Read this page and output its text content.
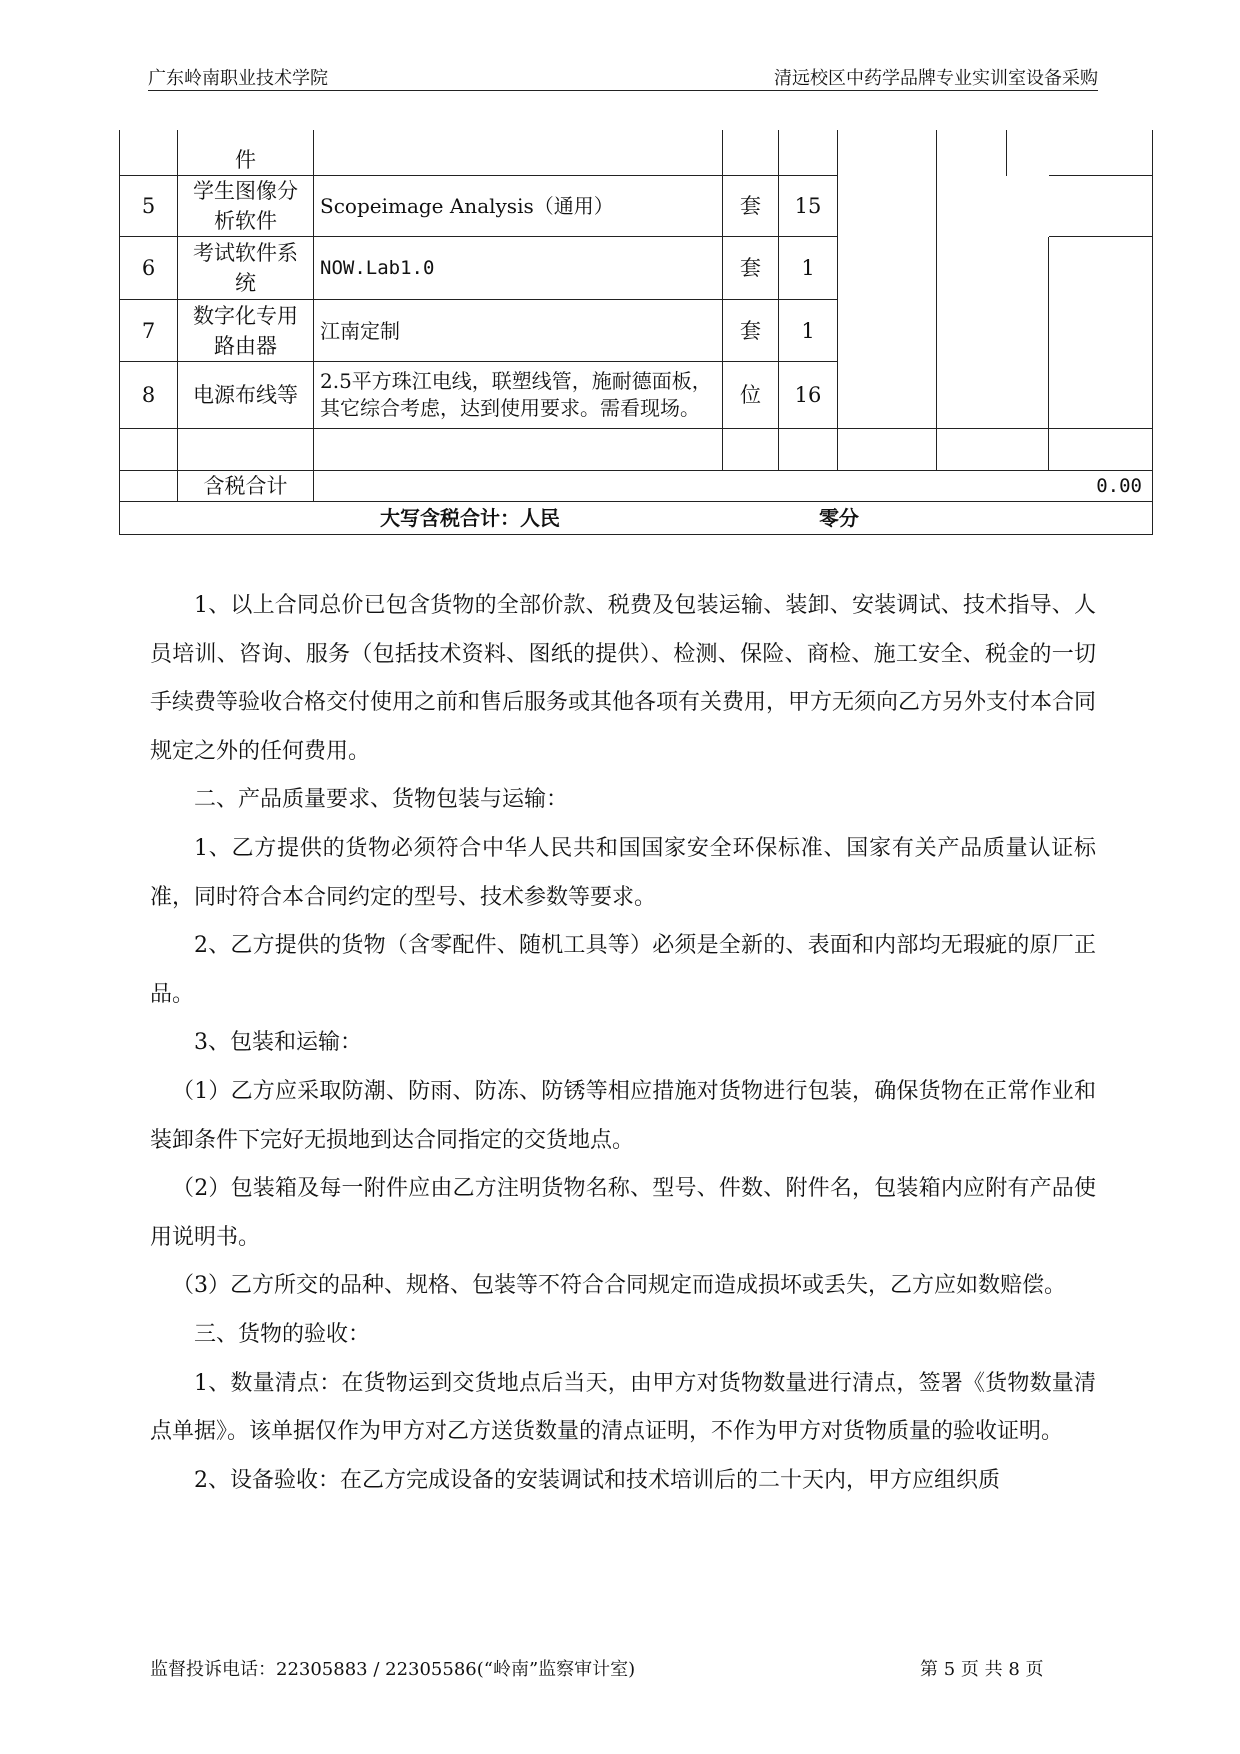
广东岭南职业技术学院	清远校区中药学品牌专业实训室设备采购
	件							
5	学生图像分析软件	Scopeimage Analysis（通用）	套	15				
6	考试软件系统	NOW.Lab1.0	套	1				
7	数字化专用路由器	江南定制	套	1				
8	电源布线等	2.5平方珠江电线，联塑线管，施耐德面板，其它综合考虑，达到使用要求。需看现场。	位	16				

	含税合计							0.00
大写含税合计：人民 零分								

1、以上合同总价已包含货物的全部价款、税费及包装运输、装卸、安装调试、技术指导、人员培训、咨询、服务（包括技术资料、图纸的提供）、检测、保险、商检、施工安全、税金的一切手续费等验收合格交付使用之前和售后服务或其他各项有关费用，甲方无须向乙方另外支付本合同规定之外的任何费用。

二、产品质量要求、货物包装与运输：

1、乙方提供的货物必须符合中华人民共和国国家安全环保标准、国家有关产品质量认证标准，同时符合本合同约定的型号、技术参数等要求。

2、乙方提供的货物（含零配件、随机工具等）必须是全新的、表面和内部均无瑕疵的原厂正品。

3、包装和运输：

（1）乙方应采取防潮、防雨、防冻、防锈等相应措施对货物进行包装，确保货物在正常作业和装卸条件下完好无损地到达合同指定的交货地点。

（2）包装箱及每一附件应由乙方注明货物名称、型号、件数、附件名，包装箱内应附有产品使用说明书。

（3）乙方所交的品种、规格、包装等不符合合同规定而造成损坏或丢失，乙方应如数赔偿。

三、货物的验收：

1、数量清点：在货物运到交货地点后当天，由甲方对货物数量进行清点，签署《货物数量清点单据》。该单据仅作为甲方对乙方送货数量的清点证明，不作为甲方对货物质量的验收证明。

2、设备验收：在乙方完成设备的安装调试和技术培训后的二十天内，甲方应组织质

监督投诉电话：22305883 / 22305586(“岭南”监察审计室)	第 5 页 共 8 页
